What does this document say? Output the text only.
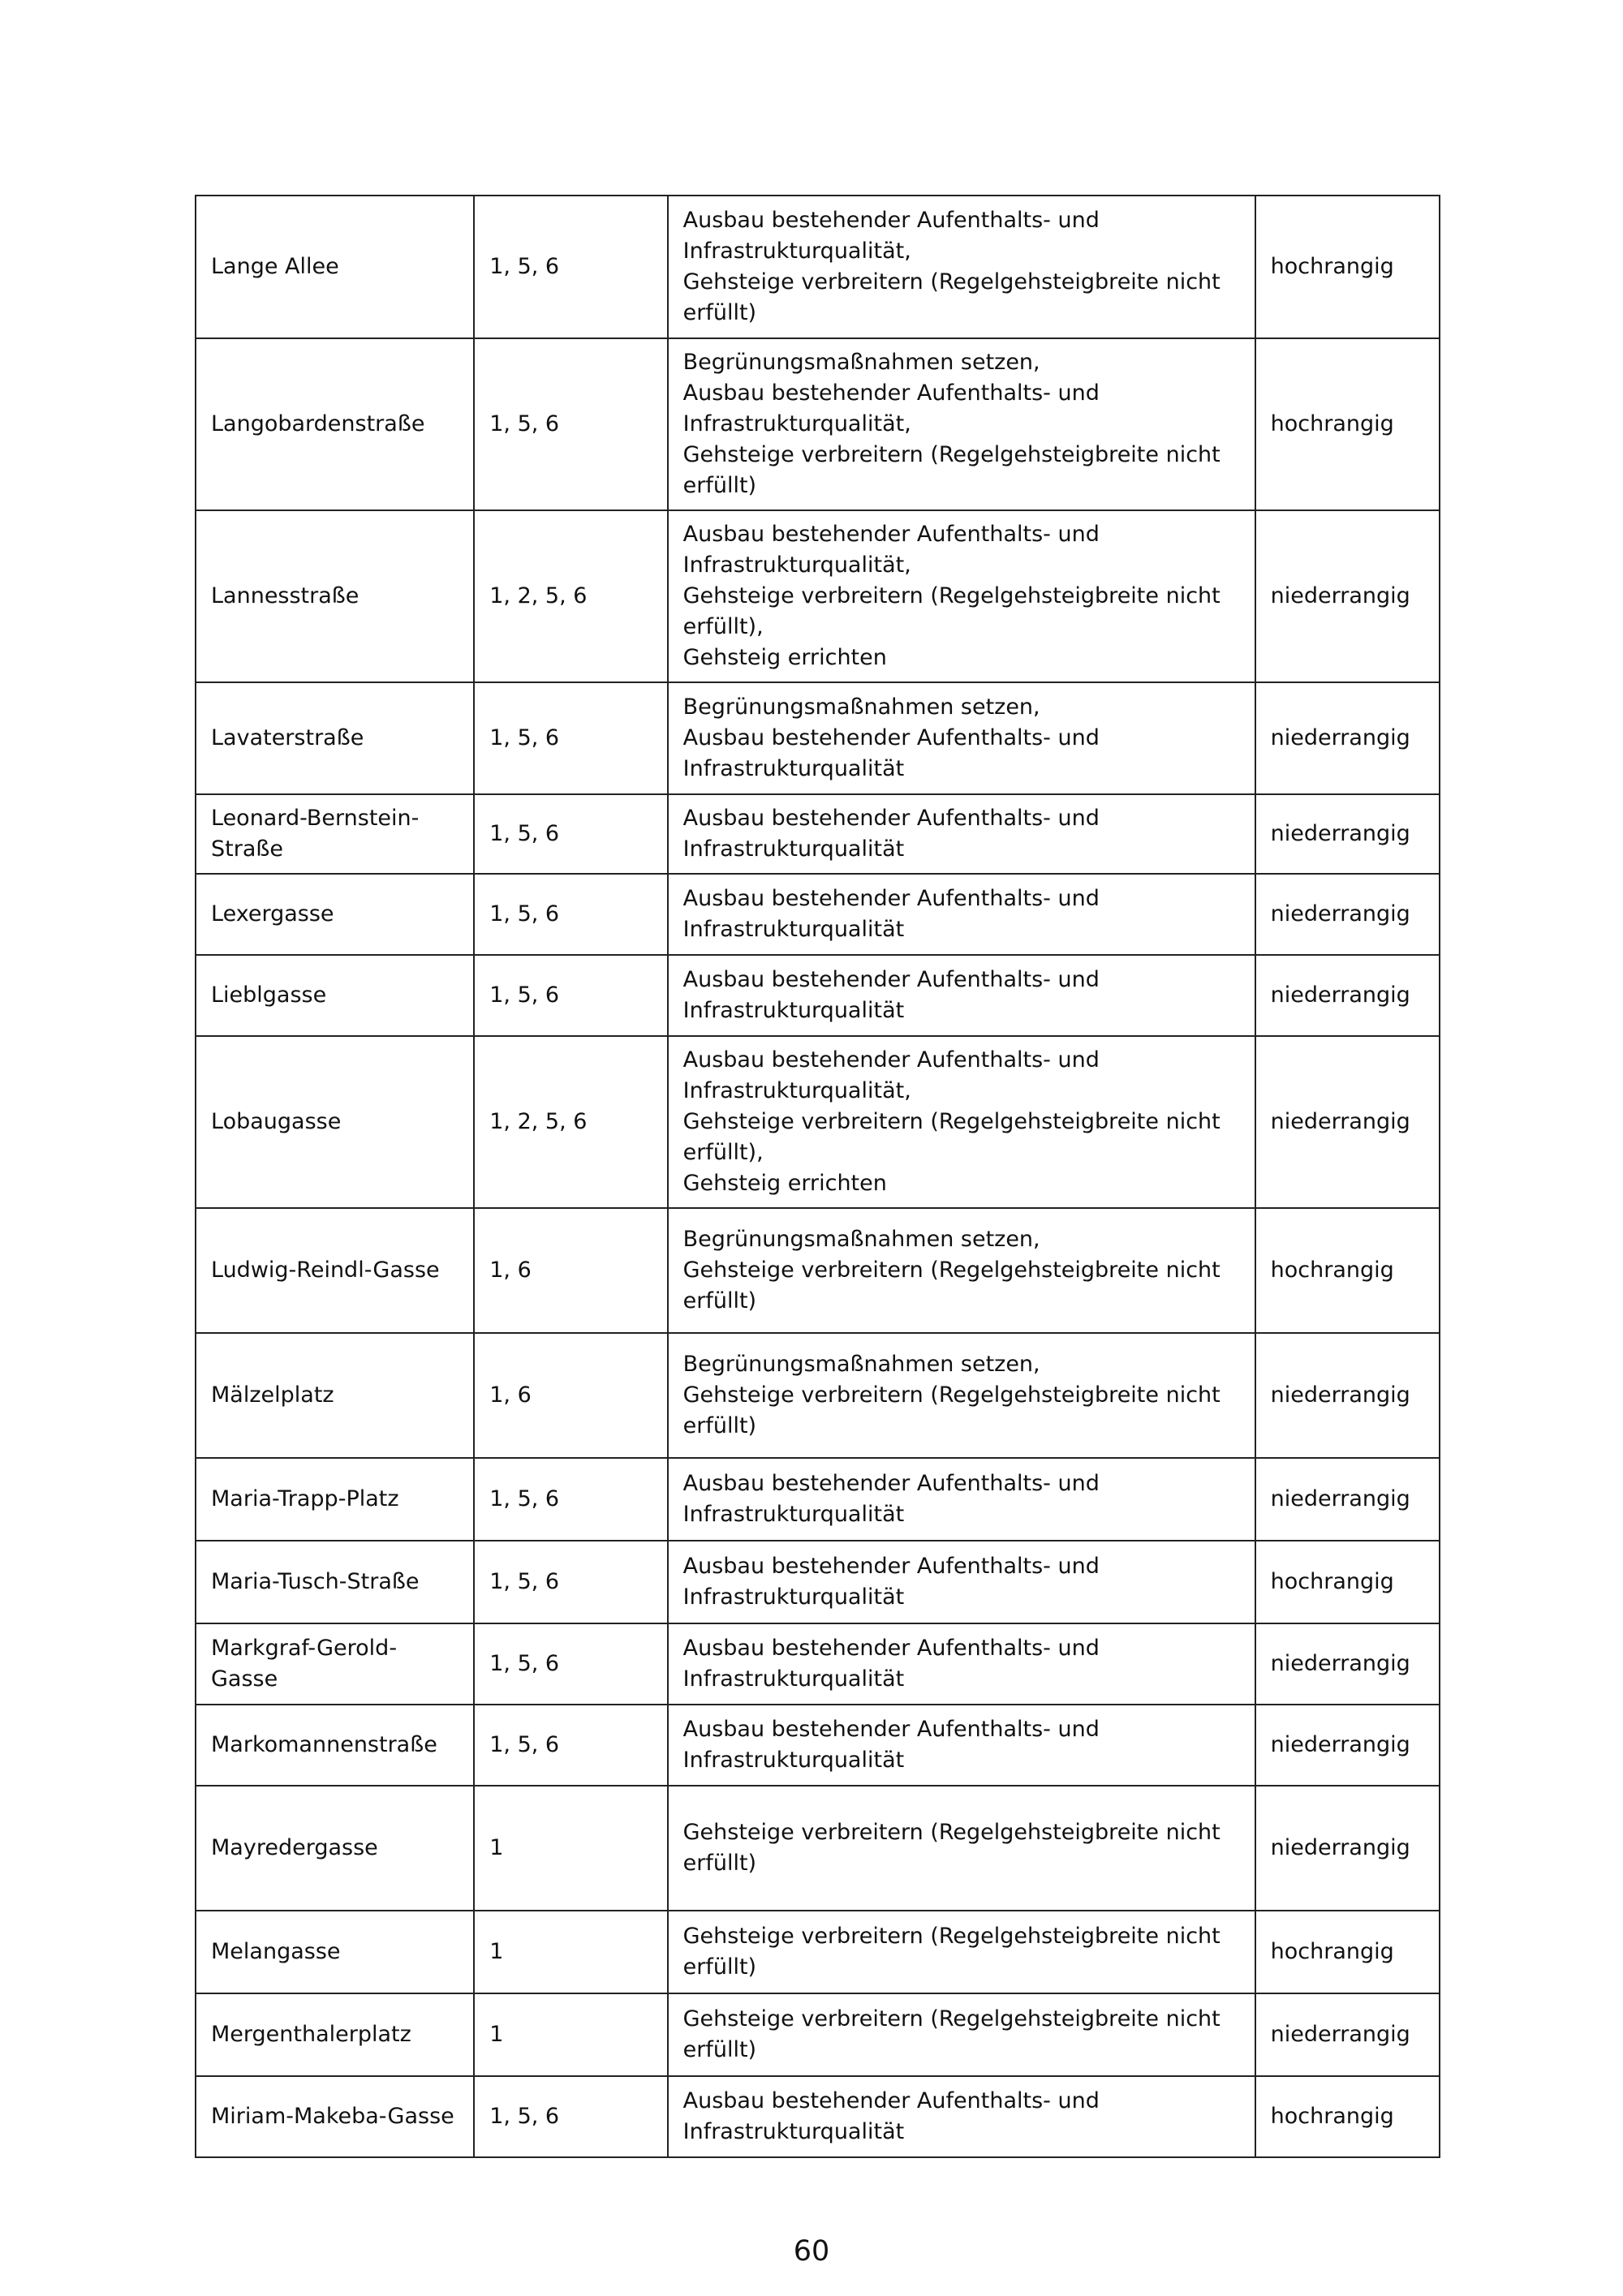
Lange Allee	1, 5, 6	Ausbau bestehender Aufenthalts- und
Infrastrukturqualität,
Gehsteige verbreitern (Regelgehsteigbreite nicht
erfüllt)	hochrangig
Langobardenstraße	1, 5, 6	Begrünungsmaßnahmen setzen,
Ausbau bestehender Aufenthalts- und
Infrastrukturqualität,
Gehsteige verbreitern (Regelgehsteigbreite nicht
erfüllt)	hochrangig
Lannesstraße	1, 2, 5, 6	Ausbau bestehender Aufenthalts- und
Infrastrukturqualität,
Gehsteige verbreitern (Regelgehsteigbreite nicht
erfüllt),
Gehsteig errichten	niederrangig
Lavaterstraße	1, 5, 6	Begrünungsmaßnahmen setzen,
Ausbau bestehender Aufenthalts- und
Infrastrukturqualität	niederrangig
Leonard-Bernstein-Straße	1, 5, 6	Ausbau bestehender Aufenthalts- und
Infrastrukturqualität	niederrangig
Lexergasse	1, 5, 6	Ausbau bestehender Aufenthalts- und
Infrastrukturqualität	niederrangig
Lieblgasse	1, 5, 6	Ausbau bestehender Aufenthalts- und
Infrastrukturqualität	niederrangig
Lobaugasse	1, 2, 5, 6	Ausbau bestehender Aufenthalts- und
Infrastrukturqualität,
Gehsteige verbreitern (Regelgehsteigbreite nicht
erfüllt),
Gehsteig errichten	niederrangig
Ludwig-Reindl-Gasse	1, 6	Begrünungsmaßnahmen setzen,
Gehsteige verbreitern (Regelgehsteigbreite nicht
erfüllt)	hochrangig
Mälzelplatz	1, 6	Begrünungsmaßnahmen setzen,
Gehsteige verbreitern (Regelgehsteigbreite nicht
erfüllt)	niederrangig
Maria-Trapp-Platz	1, 5, 6	Ausbau bestehender Aufenthalts- und
Infrastrukturqualität	niederrangig
Maria-Tusch-Straße	1, 5, 6	Ausbau bestehender Aufenthalts- und
Infrastrukturqualität	hochrangig
Markgraf-Gerold-Gasse	1, 5, 6	Ausbau bestehender Aufenthalts- und
Infrastrukturqualität	niederrangig
Markomannenstraße	1, 5, 6	Ausbau bestehender Aufenthalts- und
Infrastrukturqualität	niederrangig
Mayredergasse	1	Gehsteige verbreitern (Regelgehsteigbreite nicht
erfüllt)	niederrangig
Melangasse	1	Gehsteige verbreitern (Regelgehsteigbreite nicht
erfüllt)	hochrangig
Mergenthalerplatz	1	Gehsteige verbreitern (Regelgehsteigbreite nicht
erfüllt)	niederrangig
Miriam-Makeba-Gasse	1, 5, 6	Ausbau bestehender Aufenthalts- und
Infrastrukturqualität	hochrangig
60
